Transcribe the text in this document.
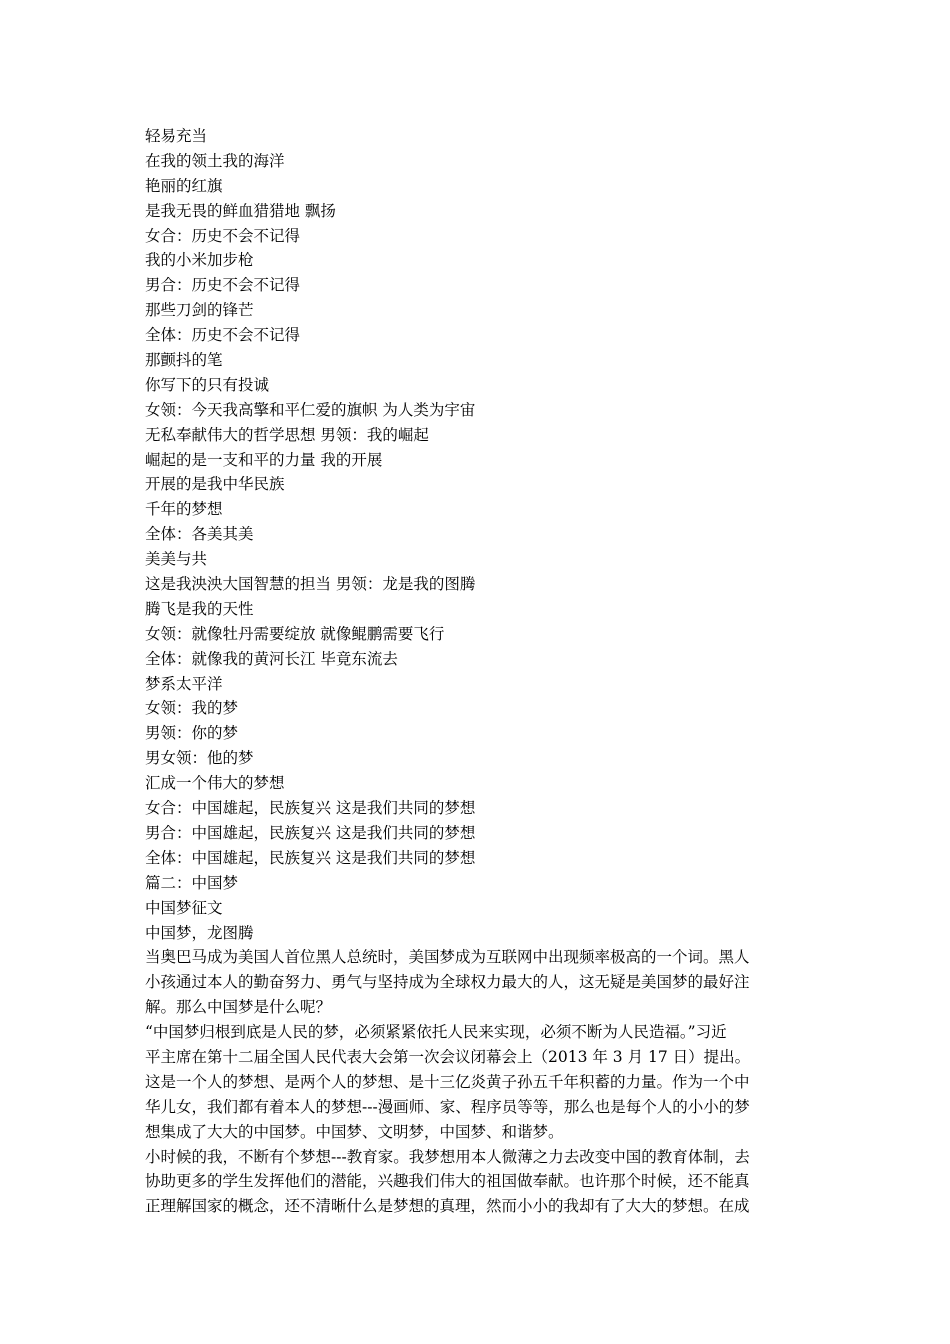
轻易充当
在我的领土我的海洋
艳丽的红旗
是我无畏的鲜血猎猎地 飘扬
女合：历史不会不记得
我的小米加步枪
男合：历史不会不记得
那些刀剑的锋芒
全体：历史不会不记得
那颤抖的笔
你写下的只有投诚
女领：今天我高擎和平仁爱的旗帜 为人类为宇宙
无私奉献伟大的哲学思想 男领：我的崛起
崛起的是一支和平的力量 我的开展
开展的是我中华民族
千年的梦想
全体：各美其美
美美与共
这是我泱泱大国智慧的担当 男领：龙是我的图腾
腾飞是我的天性
女领：就像牡丹需要绽放 就像鲲鹏需要飞行
全体：就像我的黄河长江 毕竟东流去
梦系太平洋
女领：我的梦
男领：你的梦
男女领：他的梦
汇成一个伟大的梦想
女合：中国雄起，民族复兴 这是我们共同的梦想
男合：中国雄起，民族复兴 这是我们共同的梦想
全体：中国雄起，民族复兴 这是我们共同的梦想
篇二：中国梦
中国梦征文
中国梦，龙图腾
当奥巴马成为美国人首位黑人总统时，美国梦成为互联网中出现频率极高的一个词。黑人
小孩通过本人的勤奋努力、勇气与坚持成为全球权力最大的人，这无疑是美国梦的最好注
解。那么中国梦是什么呢？
“中国梦归根到底是人民的梦，必须紧紧依托人民来实现，必须不断为人民造福。”习近
平主席在第十二届全国人民代表大会第一次会议闭幕会上（2013 年 3 月 17 日）提出。
这是一个人的梦想、是两个人的梦想、是十三亿炎黄子孙五千年积蓄的力量。作为一个中
华儿女，我们都有着本人的梦想---漫画师、家、程序员等等，那么也是每个人的小小的梦
想集成了大大的中国梦。中国梦、文明梦，中国梦、和谐梦。
小时候的我，不断有个梦想---教育家。我梦想用本人微薄之力去改变中国的教育体制，去
协助更多的学生发挥他们的潜能，兴趣我们伟大的祖国做奉献。也许那个时候，还不能真
正理解国家的概念，还不清晰什么是梦想的真理，然而小小的我却有了大大的梦想。在成
